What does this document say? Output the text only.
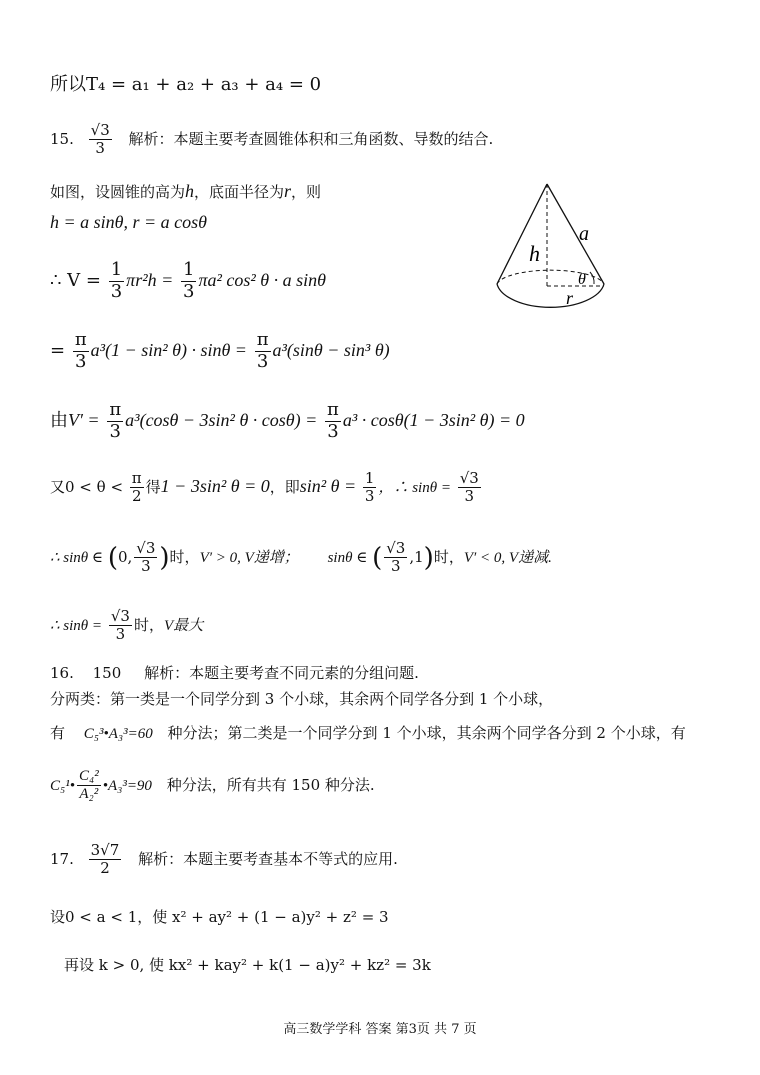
所以T₄ = a₁ + a₂ + a₃ + a₄ = 0
15. $\frac{√3}{3}$ 解析：本题主要考查圆锥体积和三角函数、导数的结合.
如图，设圆锥的高为h，底面半径为r，则
h = a sinθ, r = a cosθ
∴ $V = \frac{1}{3} \pi r^2h = \frac{1}{3} \pi a^2$ cos² θ · a sinθ
= $\frac{\pi}{3} a^3(1 - \sin^2$ $\theta) \cdot \sin\theta = \frac{\pi}{3} a^3(\sin\theta - \sin^3$ θ)
由$V' = \frac{\pi}{3} a^3(\cos\theta - 3\sin^2$ $\theta \cdot \cos\theta) = \frac{\pi}{3} a^3 \cdot \cos\theta(1 - 3\sin^2$ θ) = 0
又$0 < \theta < \frac{\pi}{2}$ 得1 − 3sin² θ = 0，即sin² $\theta = \frac{1}{3}$ ，∴ $\sin\theta = \frac{√3}{3}$
∴ sinθ ∈ (0, $\frac{√3}{3}$ )时，V′ > 0, V递增； sinθ ∈ ( $\frac{√3}{3} ,1$)时，V′ < 0, V递减.
∴ $\sin\theta = \frac{√3}{3}$ 时，V最大
a
h
θ
r
16. 150 解析：本题主要考查不同元素的分组问题.
分两类：第一类是一个同学分到 3 个小球，其余两个同学各分到 1 个小球，
有 C₅³•A₃³=60 种分法；第二类是一个同学分到 1 个小球，其余两个同学各分到 2 个小球，有
C₅¹• $\frac{\text{C₄²}}{\text{A₂²}}$ •A₃³=90 种分法，所有共有 150 种分法.
17. $\frac{3√7}{2}$ 解析：本题主要考查基本不等式的应用.
设0 < a < 1，使 x² + ay² + (1 − a)y² + z² = 3
再设 k > 0, 使 kx² + kay² + k(1 − a)y² + kz² = 3k
高三数学学科 答案 第3页 共 7 页
